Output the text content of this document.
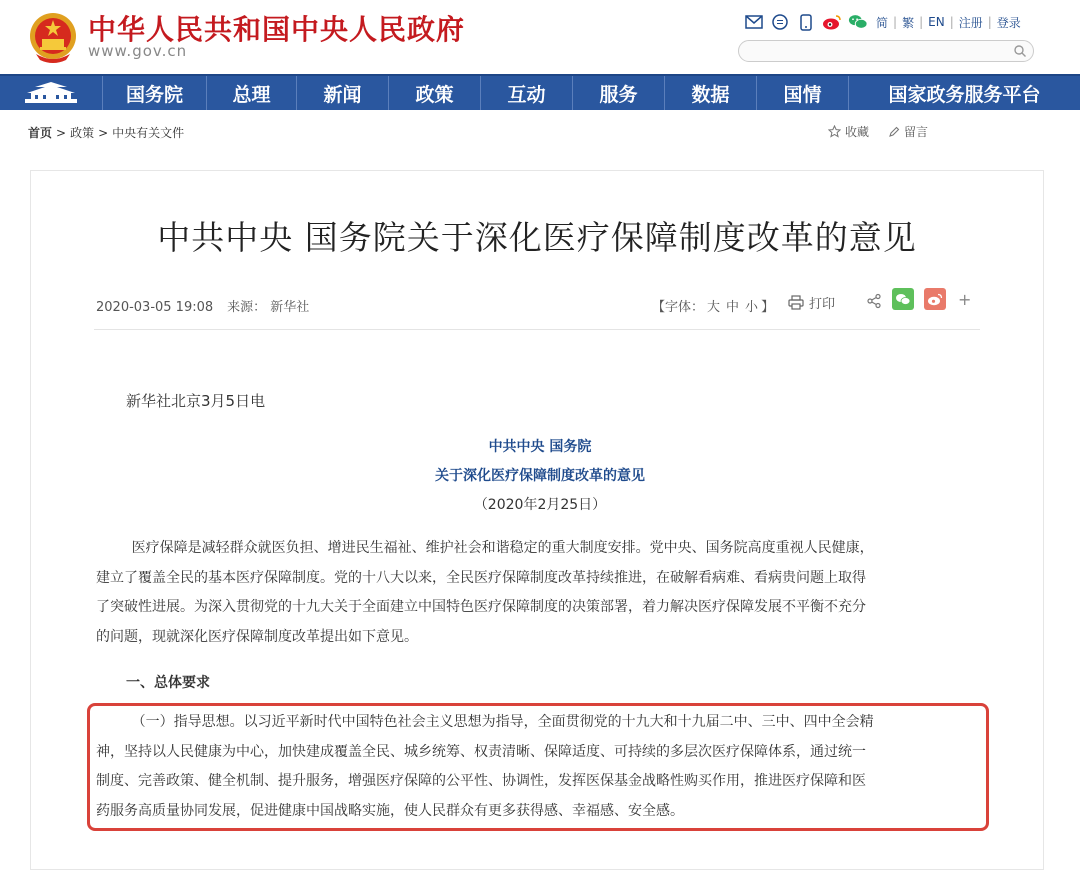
中华人民共和国中央人民政府
www.gov.cn
简 | 繁 | EN | 注册 | 登录
国务院	总理	新闻	政策	互动	服务	数据	国情	国家政务服务平台
首页 > 政策 > 中央有关文件	收藏	留言
中共中央 国务院关于深化医疗保障制度改革的意见
2020-03-05 19:08 来源： 新华社	【字体： 大 中 小 】	打印	+
新华社北京3月5日电
中共中央 国务院
关于深化医疗保障制度改革的意见
（2020年2月25日）
医疗保障是减轻群众就医负担、增进民生福祉、维护社会和谐稳定的重大制度安排。党中央、国务院高度重视人民健康，
建立了覆盖全民的基本医疗保障制度。党的十八大以来，全民医疗保障制度改革持续推进，在破解看病难、看病贵问题上取得
了突破性进展。为深入贯彻党的十九大关于全面建立中国特色医疗保障制度的决策部署，着力解决医疗保障发展不平衡不充分
的问题，现就深化医疗保障制度改革提出如下意见。
一、总体要求
（一）指导思想。以习近平新时代中国特色社会主义思想为指导，全面贯彻党的十九大和十九届二中、三中、四中全会精
神，坚持以人民健康为中心，加快建成覆盖全民、城乡统筹、权责清晰、保障适度、可持续的多层次医疗保障体系，通过统一
制度、完善政策、健全机制、提升服务，增强医疗保障的公平性、协调性，发挥医保基金战略性购买作用，推进医疗保障和医
药服务高质量协同发展，促进健康中国战略实施，使人民群众有更多获得感、幸福感、安全感。
